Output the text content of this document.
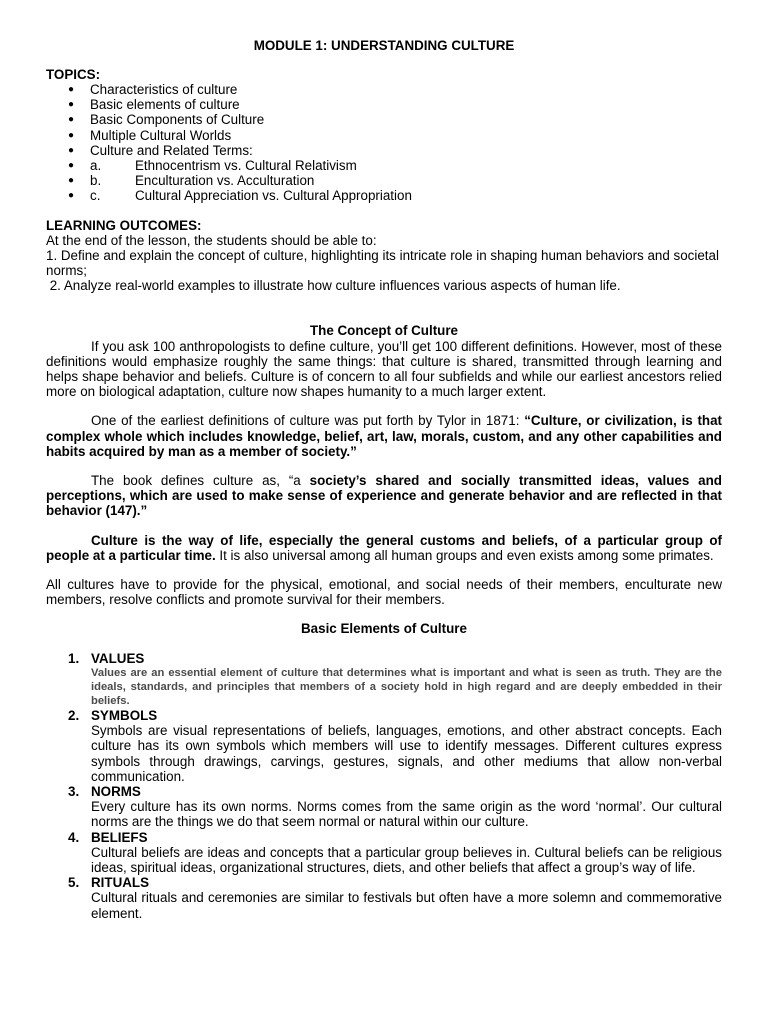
MODULE 1: UNDERSTANDING CULTURE
TOPICS:
● Characteristics of culture
● Basic elements of culture
● Basic Components of Culture
● Multiple Cultural Worlds
● Culture and Related Terms:
● a.	Ethnocentrism vs. Cultural Relativism
● b.	Enculturation vs. Acculturation
● c.	Cultural Appreciation vs. Cultural Appropriation
LEARNING OUTCOMES:

At the end of the lesson, the students should be able to:

1. Define and explain the concept of culture, highlighting its intricate role in shaping human behaviors and societal norms;

2. Analyze real-world examples to illustrate how culture influences various aspects of human life.

The Concept of Culture

If you ask 100 anthropologists to define culture, you’ll get 100 different definitions. However, most of these definitions would emphasize roughly the same things: that culture is shared, transmitted through learning and helps shape behavior and beliefs. Culture is of concern to all four subfields and while our earliest ancestors relied more on biological adaptation, culture now shapes humanity to a much larger extent.

One of the earliest definitions of culture was put forth by Tylor in 1871: “Culture, or civilization, is that complex whole which includes knowledge, belief, art, law, morals, custom, and any other capabilities and habits acquired by man as a member of society.”

The book defines culture as, “a society’s shared and socially transmitted ideas, values and perceptions, which are used to make sense of experience and generate behavior and are reflected in that behavior (147).”

Culture is the way of life, especially the general customs and beliefs, of a particular group of people at a particular time. It is also universal among all human groups and even exists among some primates.

All cultures have to provide for the physical, emotional, and social needs of their members, enculturate new members, resolve conflicts and promote survival for their members.

Basic Elements of Culture

1. VALUES
Values are an essential element of culture that determines what is important and what is seen as truth. They are the ideals, standards, and principles that members of a society hold in high regard and are deeply embedded in their beliefs.
2. SYMBOLS
Symbols are visual representations of beliefs, languages, emotions, and other abstract concepts. Each culture has its own symbols which members will use to identify messages. Different cultures express symbols through drawings, carvings, gestures, signals, and other mediums that allow non-verbal communication.
3. NORMS
Every culture has its own norms. Norms comes from the same origin as the word ‘normal’. Our cultural norms are the things we do that seem normal or natural within our culture.
4. BELIEFS
Cultural beliefs are ideas and concepts that a particular group believes in. Cultural beliefs can be religious ideas, spiritual ideas, organizational structures, diets, and other beliefs that affect a group’s way of life.
5. RITUALS
Cultural rituals and ceremonies are similar to festivals but often have a more solemn and commemorative element.
